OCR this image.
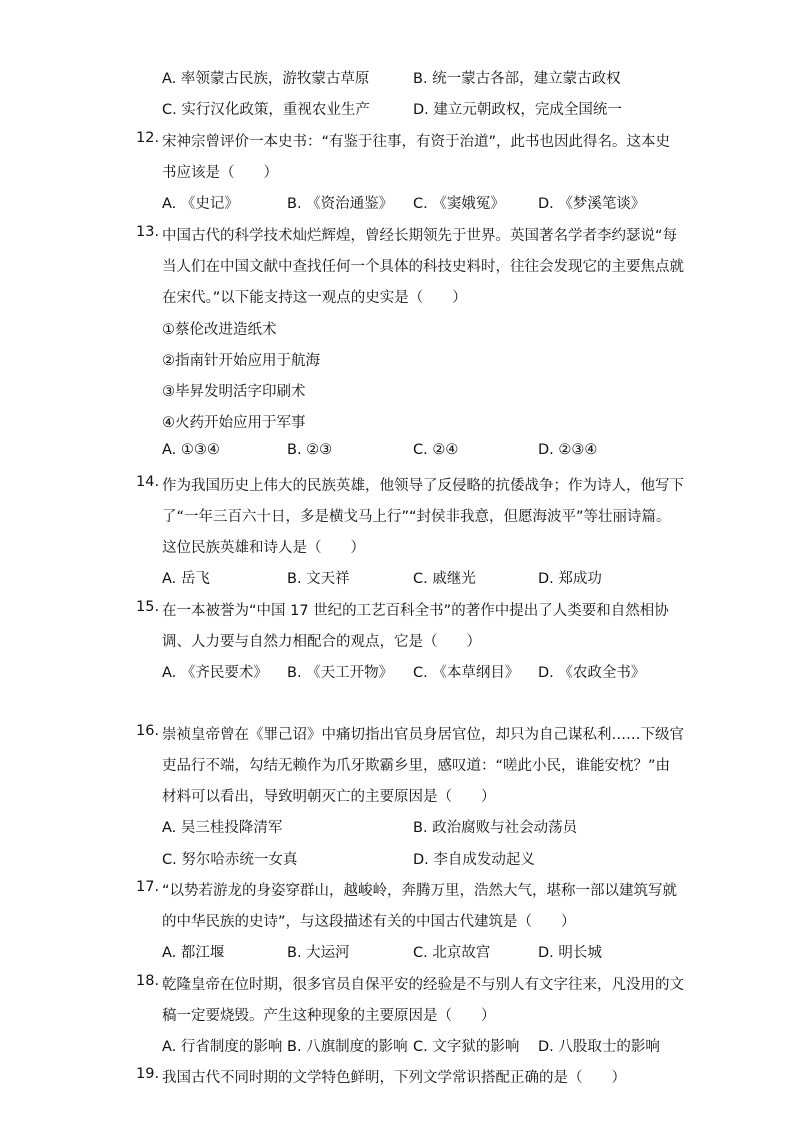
A. 率领蒙古民族，游牧蒙古草原	B. 统一蒙古各部，建立蒙古政权
C. 实行汉化政策，重视农业生产	D. 建立元朝政权，完成全国统一
12. 宋神宗曾评价一本史书：“有鉴于往事，有资于治道”，此书也因此得名。这本史
书应该是（　　）
A. 《史记》	B. 《资治通鉴》 C. 《窦娥冤》 D. 《梦溪笔谈》
13. 中国古代的科学技术灿烂辉煌，曾经长期领先于世界。英国著名学者李约瑟说“每
当人们在中国文献中查找任何一个具体的科技史料时，往往会发现它的主要焦点就
在宋代。”以下能支持这一观点的史实是（　　）
①蔡伦改进造纸术
②指南针开始应用于航海
③毕昇发明活字印刷术
④火药开始应用于军事
A. ①③④	B. ②③	C. ②④	D. ②③④
14. 作为我国历史上伟大的民族英雄，他领导了反侵略的抗倭战争；作为诗人，他写下
了“一年三百六十日，多是横戈马上行”“封侯非我意，但愿海波平”等壮丽诗篇。
这位民族英雄和诗人是（　　）
A. 岳飞	B. 文天祥	C. 戚继光	D. 郑成功
15. 在一本被誉为“中国 17 世纪的工艺百科全书”的著作中提出了人类要和自然相协
调、人力要与自然力相配合的观点，它是（　　）
A. 《齐民要术》 B. 《天工开物》 C. 《本草纲目》 D. 《农政全书》
16. 崇祯皇帝曾在《罪己诏》中痛切指出官员身居官位，却只为自己谋私利……下级官
吏品行不端，勾结无赖作为爪牙欺霸乡里，感叹道：“嗟此小民，谁能安枕？”由
材料可以看出，导致明朝灭亡的主要原因是（　　）
A. 吴三桂投降清军	B. 政治腐败与社会动荡员
C. 努尔哈赤统一女真	D. 李自成发动起义
17. “以势若游龙的身姿穿群山，越峻岭，奔腾万里，浩然大气，堪称一部以建筑写就
的中华民族的史诗”，与这段描述有关的中国古代建筑是（　　）
A. 都江堰	B. 大运河	C. 北京故宫	D. 明长城
18. 乾隆皇帝在位时期，很多官员自保平安的经验是不与别人有文字往来，凡没用的文
稿一定要烧毁。产生这种现象的主要原因是（　　）
A. 行省制度的影响 B. 八旗制度的影响 C. 文字狱的影响 D. 八股取士的影响
19. 我国古代不同时期的文学特色鲜明，下列文学常识搭配正确的是（　　）
